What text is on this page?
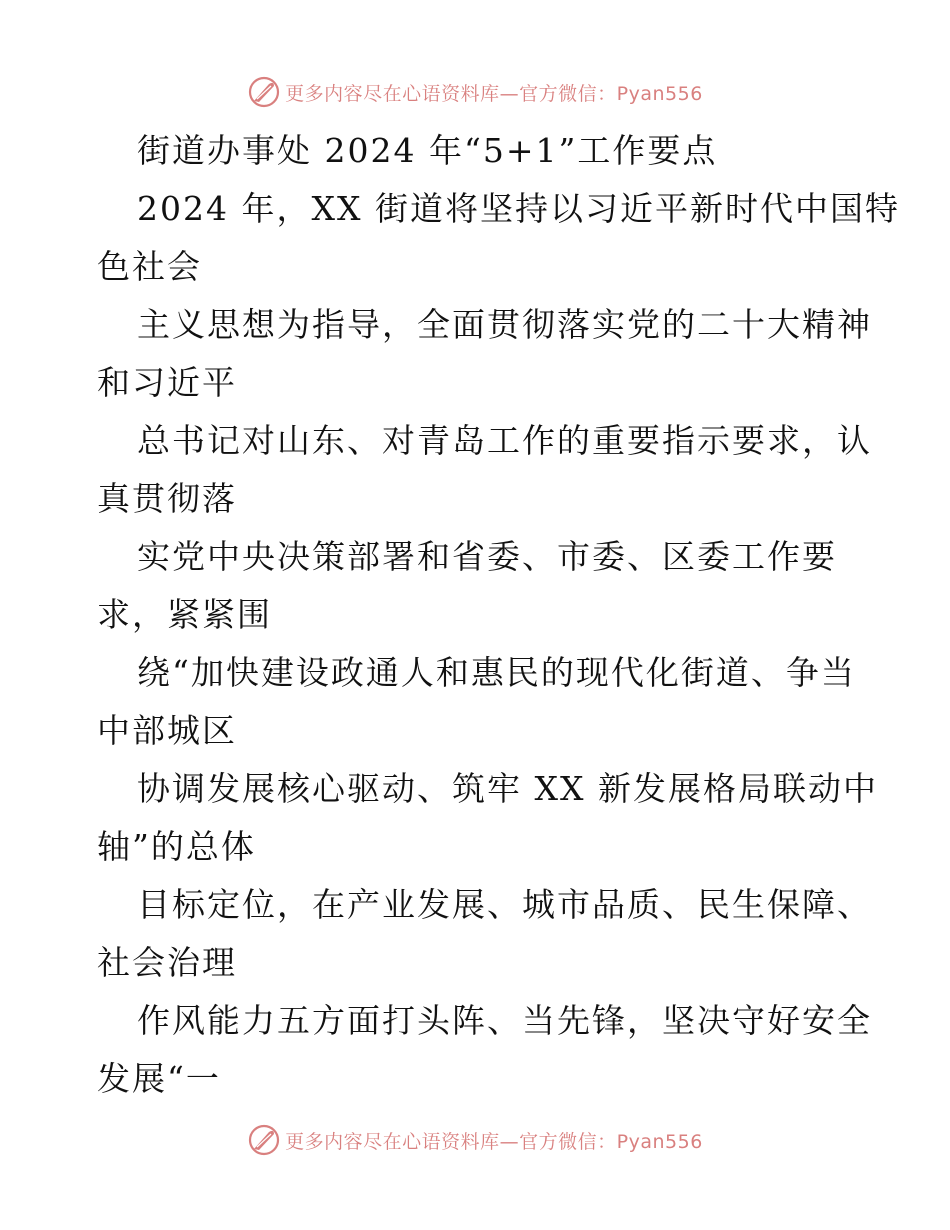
更多内容尽在心语资料库—官方微信：Pyan556
街道办事处 2024 年“5+1”工作要点
2024 年，XX 街道将坚持以习近平新时代中国特
色社会
主义思想为指导，全面贯彻落实党的二十大精神
和习近平
总书记对山东、对青岛工作的重要指示要求，认
真贯彻落
实党中央决策部署和省委、市委、区委工作要
求，紧紧围
绕“加快建设政通人和惠民的现代化街道、争当
中部城区
协调发展核心驱动、筑牢 XX 新发展格局联动中
轴”的总体
目标定位，在产业发展、城市品质、民生保障、
社会治理
作风能力五方面打头阵、当先锋，坚决守好安全
发展“一
更多内容尽在心语资料库—官方微信：Pyan556
